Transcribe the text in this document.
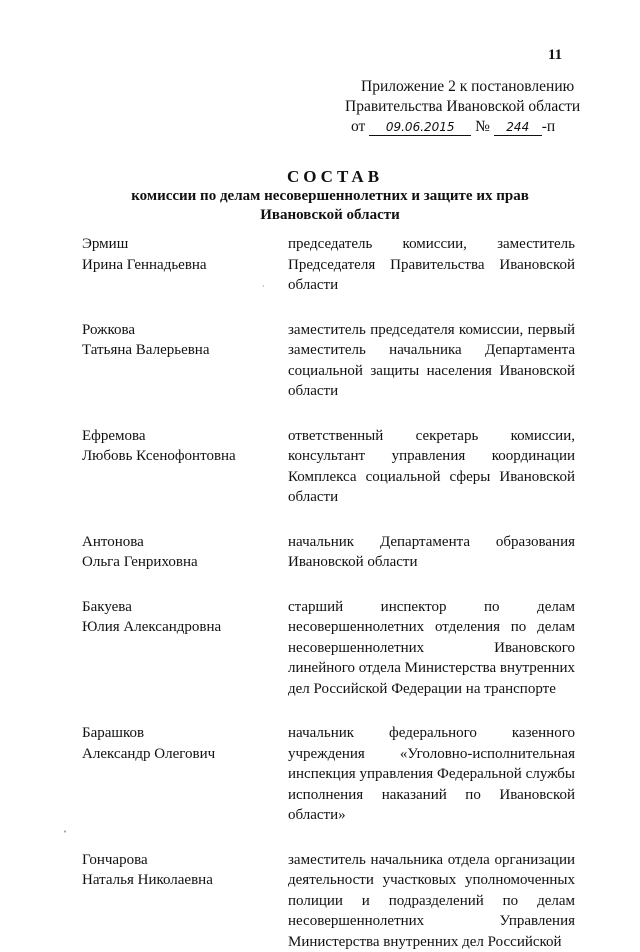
11
Приложение 2 к постановлению
Правительства Ивановской области
от 09.06.2015 № 244 -п
СОСТАВ
комиссии по делам несовершеннолетних и защите их прав
Ивановской области
Эрмиш
Ирина Геннадьевна
председатель комиссии, заместитель Председателя Правительства Ивановской области
Рожкова
Татьяна Валерьевна
заместитель председателя комиссии, первый заместитель начальника Департамента социальной защиты населения Ивановской области
Ефремова
Любовь Ксенофонтовна
ответственный секретарь комиссии, консультант управления координации Комплекса социальной сферы Ивановской области
Антонова
Ольга Генриховна
начальник Департамента образования Ивановской области
Бакуева
Юлия Александровна
старший инспектор по делам несовершеннолетних отделения по делам несовершеннолетних Ивановского линейного отдела Министерства внутренних дел Российской Федерации на транспорте
Барашков
Александр Олегович
начальник федерального казенного учреждения «Уголовно-исполнительная инспекция управления Федеральной службы исполнения наказаний по Ивановской области»
Гончарова
Наталья Николаевна
заместитель начальника отдела организации деятельности участковых уполномоченных полиции и подразделений по делам несовершеннолетних Управления Министерства внутренних дел Российской
·
˅
